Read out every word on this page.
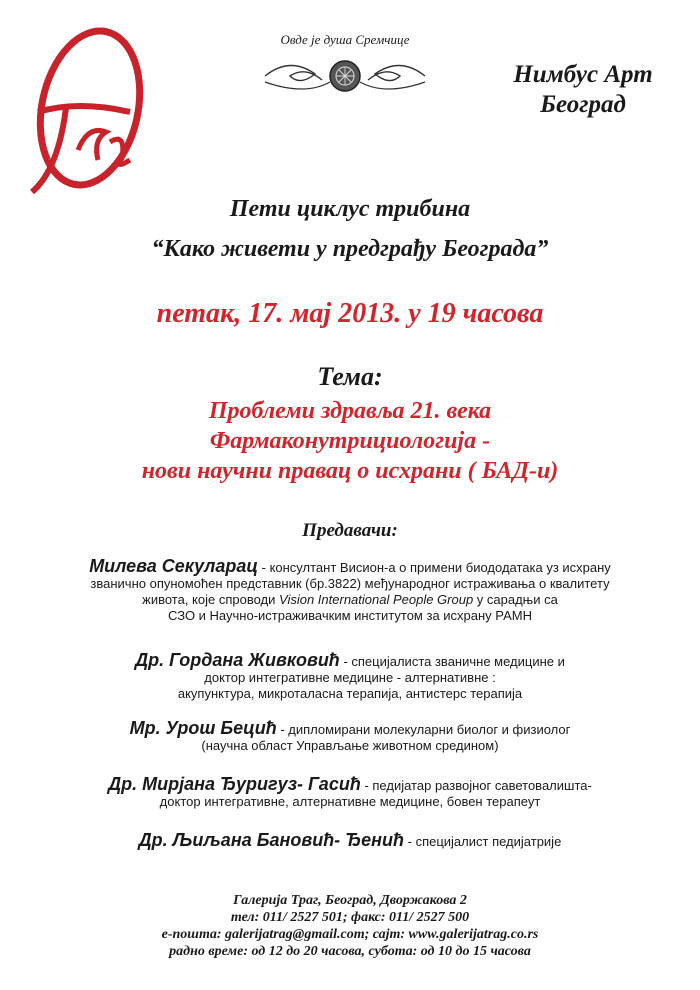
Trag
Овде је душа Сремчице
Нимбус Арт
Београд
Пети циклус трибина
“Како живети у предграђу Београда”
петак, 17. мај 2013. у 19 часова
Тема:
Проблеми здравља 21. века
Фармаконутрициологија -
нови научни правац о исхрани ( БАД-и)
Предавачи:
Милева Секуларац - консултант Висион-а о примени биододатака уз исхрану
званично опуномоћен представник (бр.3822) међународног истраживања о квалитету
живота, које спроводи Vision International People Group у сарадњи са
СЗО и Научно-истраживачким институтом за исхрану РАМН
Др. Гордана Живковић - специјалиста званичне медицине и
доктор интегративне медицине - алтернативне :
акупунктура, микроталасна терапија, антистерс терапија
Мр. Урош Бецић - дипломирани молекуларни биолог и физиолог
(научна област Управљање животном средином)
Др. Мирјана Ђуригуз- Гасић - педијатар развојног саветовалишта-
доктор интегративне, алтернативне медицине, бовен терапеут
Др. Љиљана Бановић- Ђенић - специјалист педијатрије
Галерија Траг, Београд, Дворжакова 2
тел: 011/ 2527 501; факс: 011/ 2527 500
е-пошта: galerijatrag@gmail.com; сајт: www.galerijatrag.co.rs
радно време: од 12 до 20 часова, субота: од 10 до 15 часова
